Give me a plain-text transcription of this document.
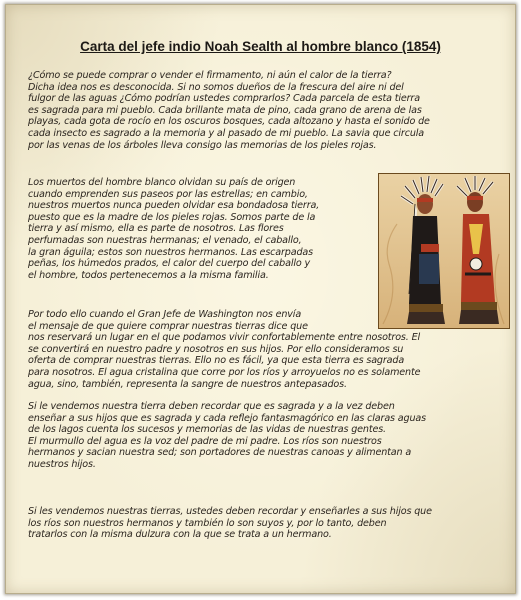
Carta del jefe indio Noah Sealth al hombre blanco (1854)
¿Cómo se puede comprar o vender el firmamento, ni aún el calor de la tierra?
Dicha idea nos es desconocida. Si no somos dueños de la frescura del aire ni del
fulgor de las aguas ¿Cómo podrían ustedes comprarlos? Cada parcela de esta tierra
es sagrada para mi pueblo. Cada brillante mata de pino, cada grano de arena de las
playas, cada gota de rocío en los oscuros bosques, cada altozano y hasta el sonido de
cada insecto es sagrado a la memoria y al pasado de mi pueblo. La savia que circula
por las venas de los árboles lleva consigo las memorias de los pieles rojas.
Los muertos del hombre blanco olvidan su país de origen
cuando emprenden sus paseos por las estrellas; en cambio,
nuestros muertos nunca pueden olvidar esa bondadosa tierra,
puesto que es la madre de los pieles rojas. Somos parte de la
tierra y así mismo, ella es parte de nosotros. Las flores
perfumadas son nuestras hermanas; el venado, el caballo,
la gran águila; estos son nuestros hermanos. Las escarpadas
peñas, los húmedos prados, el calor del cuerpo del caballo y
el hombre, todos pertenecemos a la misma familia.
Por todo ello cuando el Gran Jefe de Washington nos envía
el mensaje de que quiere comprar nuestras tierras dice que
nos reservará un lugar en el que podamos vivir confortablemente entre nosotros. El
se convertirá en nuestro padre y nosotros en sus hijos. Por ello consideramos su
oferta de comprar nuestras tierras. Ello no es fácil, ya que esta tierra es sagrada
para nosotros. El agua cristalina que corre por los ríos y arroyuelos no es solamente
agua, sino, también, representa la sangre de nuestros antepasados.
Si le vendemos nuestra tierra deben recordar que es sagrada y a la vez deben
enseñar a sus hijos que es sagrada y cada reflejo fantasmagórico en las claras aguas
de los lagos cuenta los sucesos y memorias de las vidas de nuestras gentes.
El murmullo del agua es la voz del padre de mi padre. Los ríos son nuestros
hermanos y sacian nuestra sed; son portadores de nuestras canoas y alimentan a
nuestros hijos.
Si les vendemos nuestras tierras, ustedes deben recordar y enseñarles a sus hijos que
los ríos son nuestros hermanos y también lo son suyos y, por lo tanto, deben
tratarlos con la misma dulzura con la que se trata a un hermano.
